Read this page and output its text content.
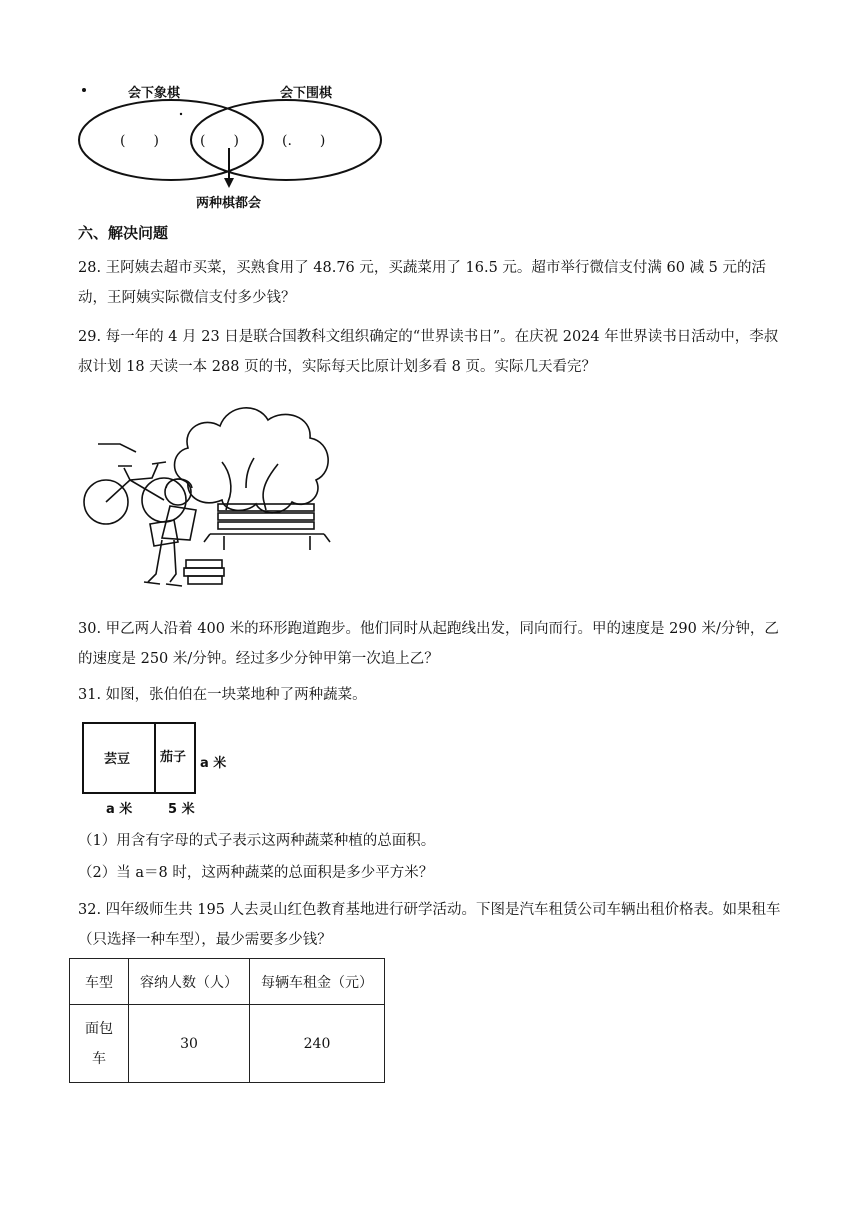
会下象棋	会下围棋
(　　)	(　　)	(.　　)
两种棋都会
六、解决问题

28. 王阿姨去超市买菜，买熟食用了 48.76 元，买蔬菜用了 16.5 元。超市举行微信支付满 60 减 5 元的活动，王阿姨实际微信支付多少钱？

29. 每一年的 4 月 23 日是联合国教科文组织确定的“世界读书日”。在庆祝 2024 年世界读书日活动中，李叔叔计划 18 天读一本 288 页的书，实际每天比原计划多看 8 页。实际几天看完？

30. 甲乙两人沿着 400 米的环形跑道跑步。他们同时从起跑线出发，同向而行。甲的速度是 290 米/分钟，乙的速度是 250 米/分钟。经过多少分钟甲第一次追上乙？

31. 如图，张伯伯在一块菜地种了两种蔬菜。

芸豆 茄子 a 米
a 米	5 米

（1）用含有字母的式子表示这两种蔬菜种植的总面积。

（2）当 a＝8 时，这两种蔬菜的总面积是多少平方米？

32. 四年级师生共 195 人去灵山红色教育基地进行研学活动。下图是汽车租赁公司车辆出租价格表。如果租车（只选择一种车型），最少需要多少钱？

车型	容纳人数（人）	每辆车租金（元）
面包车	30	240
